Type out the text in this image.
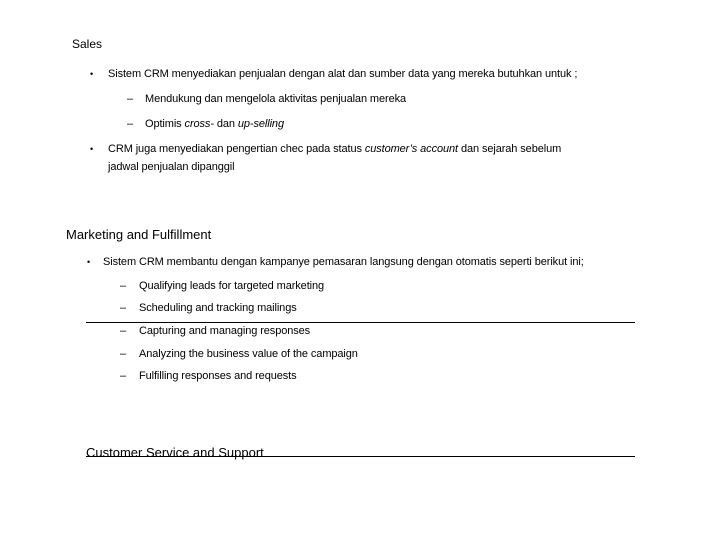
Sales
• Sistem CRM menyediakan penjualan dengan alat dan sumber data yang mereka butuhkan untuk ;
– Mendukung dan mengelola aktivitas penjualan mereka
– Optimis cross- dan up-selling
• CRM juga menyediakan pengertian chec pada status customer’s account dan sejarah sebelum
jadwal penjualan dipanggil
Marketing and Fulfillment
• Sistem CRM membantu dengan kampanye pemasaran langsung dengan otomatis seperti berikut ini;
– Qualifying leads for targeted marketing
– Scheduling and tracking mailings
– Capturing and managing responses
– Analyzing the business value of the campaign
– Fulfilling responses and requests
Customer Service and Support
